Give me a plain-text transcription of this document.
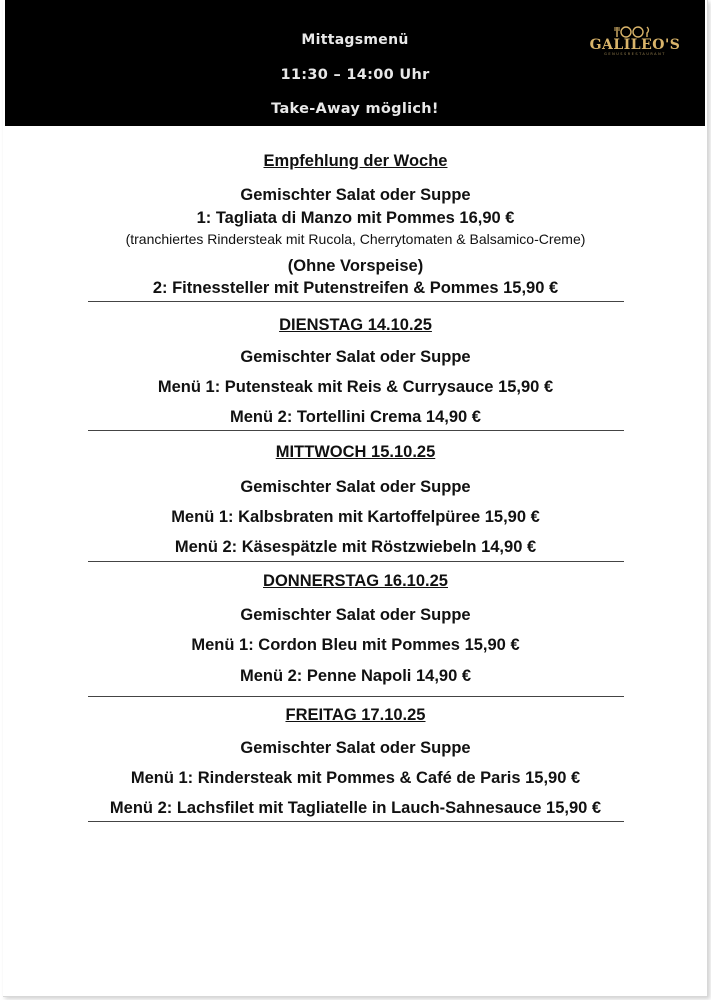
Mittagsmenü
11:30 – 14:00 Uhr
Take-Away möglich!
GALILEO'S
GENUSSRESTAURANT
Empfehlung der Woche
Gemischter Salat oder Suppe
1: Tagliata di Manzo mit Pommes 16,90 €
(tranchiertes Rindersteak mit Rucola, Cherrytomaten & Balsamico-Creme)
(Ohne Vorspeise)
2: Fitnessteller mit Putenstreifen & Pommes 15,90 €
DIENSTAG 14.10.25
Gemischter Salat oder Suppe
Menü 1: Putensteak mit Reis & Currysauce 15,90 €
Menü 2: Tortellini Crema 14,90 €
MITTWOCH 15.10.25
Gemischter Salat oder Suppe
Menü 1: Kalbsbraten mit Kartoffelpüree 15,90 €
Menü 2: Käsespätzle mit Röstzwiebeln 14,90 €
DONNERSTAG 16.10.25
Gemischter Salat oder Suppe
Menü 1: Cordon Bleu mit Pommes 15,90 €
Menü 2: Penne Napoli 14,90 €
FREITAG 17.10.25
Gemischter Salat oder Suppe
Menü 1: Rindersteak mit Pommes & Café de Paris 15,90 €
Menü 2: Lachsfilet mit Tagliatelle in Lauch-Sahnesauce 15,90 €
